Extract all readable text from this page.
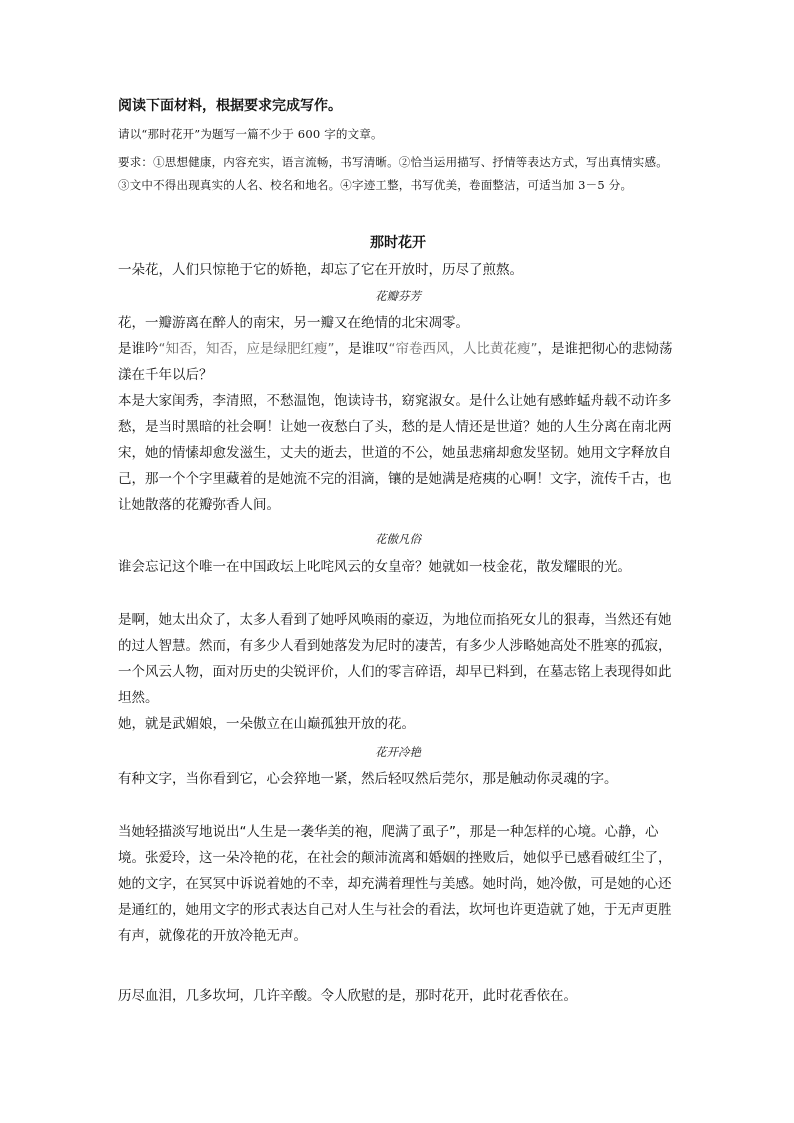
阅读下面材料，根据要求完成写作。

请以“那时花开”为题写一篇不少于 600 字的文章。

要求：①思想健康，内容充实，语言流畅，书写清晰。②恰当运用描写、抒情等表达方式，写出真情实感。③文中不得出现真实的人名、校名和地名。④字迹工整，书写优美，卷面整洁，可适当加 3－5 分。

那时花开

一朵花，人们只惊艳于它的娇艳，却忘了它在开放时，历尽了煎熬。

花瓣芬芳

花，一瓣游离在醉人的南宋，另一瓣又在绝情的北宋凋零。

是谁吟“知否，知否，应是绿肥红瘦”，是谁叹“帘卷西风，人比黄花瘦”，是谁把彻心的悲恸荡漾在千年以后？

本是大家闺秀，李清照，不愁温饱，饱读诗书，窈窕淑女。是什么让她有感蚱蜢舟载不动许多愁，是当时黑暗的社会啊！让她一夜愁白了头，愁的是人情还是世道？她的人生分离在南北两宋，她的情愫却愈发滋生，丈夫的逝去，世道的不公，她虽悲痛却愈发坚韧。她用文字释放自己，那一个个字里藏着的是她流不完的泪滴，镶的是她满是疮痍的心啊！文字，流传千古，也让她散落的花瓣弥香人间。

花傲凡俗

谁会忘记这个唯一在中国政坛上叱咤风云的女皇帝？她就如一枝金花，散发耀眼的光。

是啊，她太出众了，太多人看到了她呼风唤雨的豪迈，为地位而掐死女儿的狠毒，当然还有她的过人智慧。然而，有多少人看到她落发为尼时的凄苦，有多少人涉略她高处不胜寒的孤寂，一个风云人物，面对历史的尖锐评价，人们的零言碎语，却早已料到，在墓志铭上表现得如此坦然。

她，就是武媚娘，一朵傲立在山巅孤独开放的花。

花开冷艳

有种文字，当你看到它，心会猝地一紧，然后轻叹然后莞尔，那是触动你灵魂的字。

当她轻描淡写地说出“人生是一袭华美的袍，爬满了虱子”，那是一种怎样的心境。心静，心境。张爱玲，这一朵冷艳的花，在社会的颠沛流离和婚姻的挫败后，她似乎已感看破红尘了，她的文字，在冥冥中诉说着她的不幸，却充满着理性与美感。她时尚，她冷傲，可是她的心还是通红的，她用文字的形式表达自己对人生与社会的看法，坎坷也许更造就了她，于无声更胜有声，就像花的开放冷艳无声。

历尽血泪，几多坎坷，几许辛酸。令人欣慰的是，那时花开，此时花香依在。
